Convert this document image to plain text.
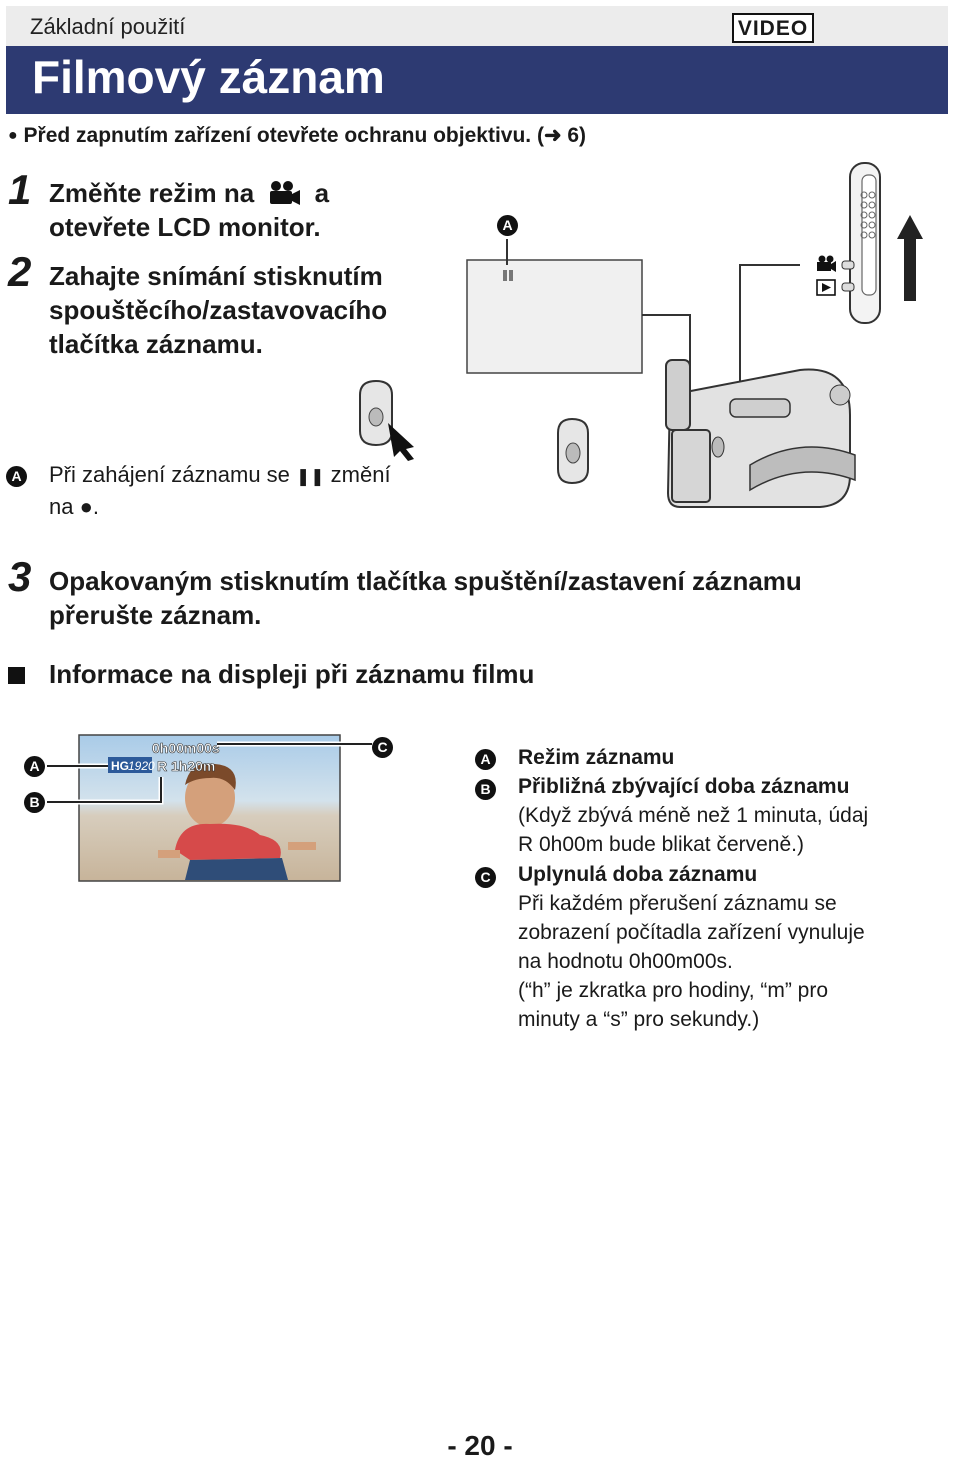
Základní použití	VIDEO
Filmový záznam
● Před zapnutím zařízení otevřete ochranu objektivu. (➜ 6)
1 Změňte režim na a
otevřete LCD monitor.
2 Zahajte snímání stisknutím
spouštěcího/zastavovacího
tlačítka záznamu.
A Při zahájení záznamu se ❚❚ změní
na ●.
A
3 Opakovaným stisknutím tlačítka spuštění/zastavení záznamu
přerušte záznam.
Informace na displeji při záznamu filmu
HG 1920
0h00m00s
R 1h20m
A
B
C
A Režim záznamu
B Přibližná zbývající doba záznamu
(Když zbývá méně než 1 minuta, údaj
R 0h00m bude blikat červeně.)
C Uplynulá doba záznamu
Při každém přerušení záznamu se
zobrazení počítadla zařízení vynuluje
na hodnotu 0h00m00s.
(“h” je zkratka pro hodiny, “m” pro
minuty a “s” pro sekundy.)
- 20 -
